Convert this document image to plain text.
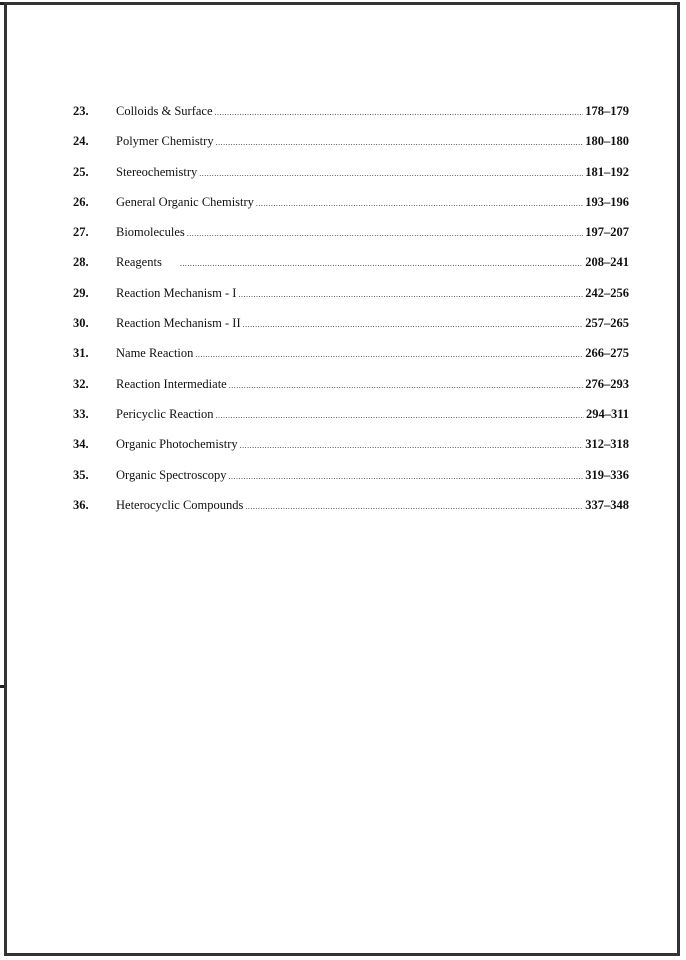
23.	Colloids & Surface .....	178–179
24.	Polymer Chemistry .....	180–180
25.	Stereochemistry .....	181–192
26.	General Organic Chemistry .....	193–196
27.	Biomolecules .....	197–207
28.	Reagents .....	208–241
29.	Reaction Mechanism - I .....	242–256
30.	Reaction Mechanism - II .....	257–265
31.	Name Reaction .....	266–275
32.	Reaction Intermediate .....	276–293
33.	Pericyclic Reaction .....	294–311
34.	Organic Photochemistry .....	312–318
35.	Organic Spectroscopy .....	319–336
36.	Heterocyclic Compounds .....	337–348
